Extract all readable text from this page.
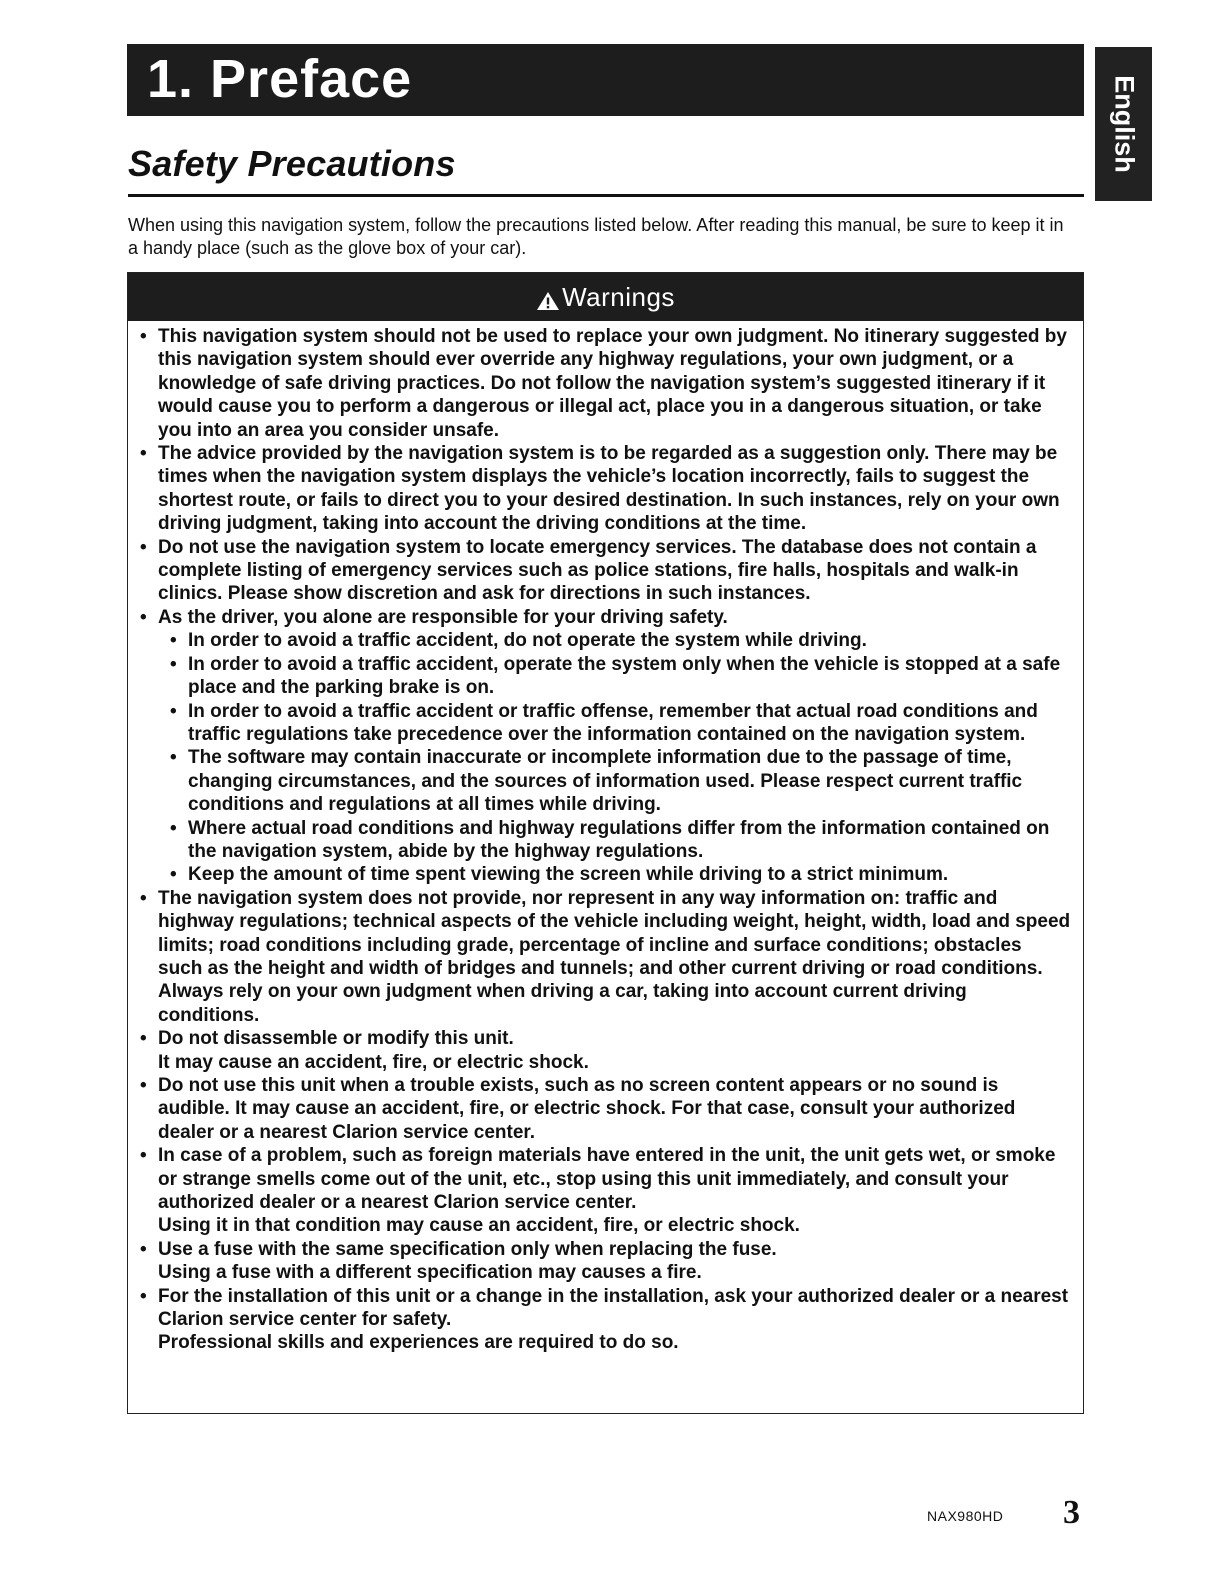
1. Preface	English
Safety Precautions
When using this navigation system, follow the precautions listed below. After reading this manual, be sure to keep it in a handy place (such as the glove box of your car).
Warnings
• This navigation system should not be used to replace your own judgment. No itinerary suggested by this navigation system should ever override any highway regulations, your own judgment, or a knowledge of safe driving practices. Do not follow the navigation system’s suggested itinerary if it would cause you to perform a dangerous or illegal act, place you in a dangerous situation, or take you into an area you consider unsafe.
• The advice provided by the navigation system is to be regarded as a suggestion only. There may be times when the navigation system displays the vehicle’s location incorrectly, fails to suggest the shortest route, or fails to direct you to your desired destination. In such instances, rely on your own driving judgment, taking into account the driving conditions at the time.
• Do not use the navigation system to locate emergency services. The database does not contain a complete listing of emergency services such as police stations, fire halls, hospitals and walk-in clinics. Please show discretion and ask for directions in such instances.
• As the driver, you alone are responsible for your driving safety.
• In order to avoid a traffic accident, do not operate the system while driving.
• In order to avoid a traffic accident, operate the system only when the vehicle is stopped at a safe place and the parking brake is on.
• In order to avoid a traffic accident or traffic offense, remember that actual road conditions and traffic regulations take precedence over the information contained on the navigation system.
• The software may contain inaccurate or incomplete information due to the passage of time, changing circumstances, and the sources of information used. Please respect current traffic conditions and regulations at all times while driving.
• Where actual road conditions and highway regulations differ from the information contained on the navigation system, abide by the highway regulations.
• Keep the amount of time spent viewing the screen while driving to a strict minimum.
• The navigation system does not provide, nor represent in any way information on: traffic and highway regulations; technical aspects of the vehicle including weight, height, width, load and speed limits; road conditions including grade, percentage of incline and surface conditions; obstacles such as the height and width of bridges and tunnels; and other current driving or road conditions. Always rely on your own judgment when driving a car, taking into account current driving conditions.
• Do not disassemble or modify this unit.
It may cause an accident, fire, or electric shock.
• Do not use this unit when a trouble exists, such as no screen content appears or no sound is audible. It may cause an accident, fire, or electric shock. For that case, consult your authorized dealer or a nearest Clarion service center.
• In case of a problem, such as foreign materials have entered in the unit, the unit gets wet, or smoke or strange smells come out of the unit, etc., stop using this unit immediately, and consult your authorized dealer or a nearest Clarion service center.
Using it in that condition may cause an accident, fire, or electric shock.
• Use a fuse with the same specification only when replacing the fuse.
Using a fuse with a different specification may causes a fire.
• For the installation of this unit or a change in the installation, ask your authorized dealer or a nearest Clarion service center for safety.
Professional skills and experiences are required to do so.
NAX980HD 3
